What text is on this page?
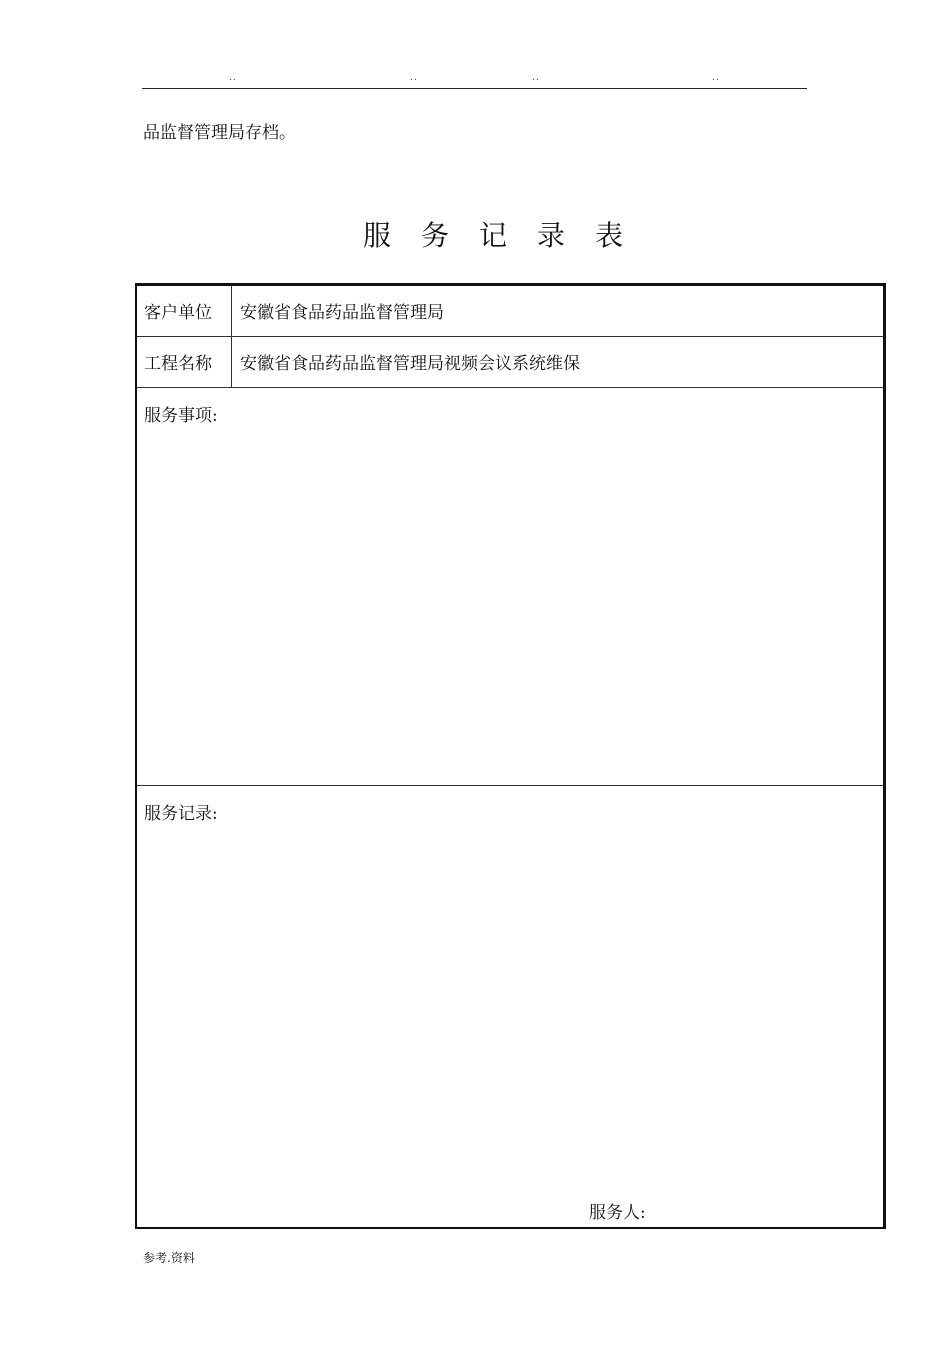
..	..	..	..
品监督管理局存档。
服务记录表
客户单位	安徽省食品药品监督管理局
工程名称	安徽省食品药品监督管理局视频会议系统维保
服务事项:
服务记录:
服务人:
参考.资料
